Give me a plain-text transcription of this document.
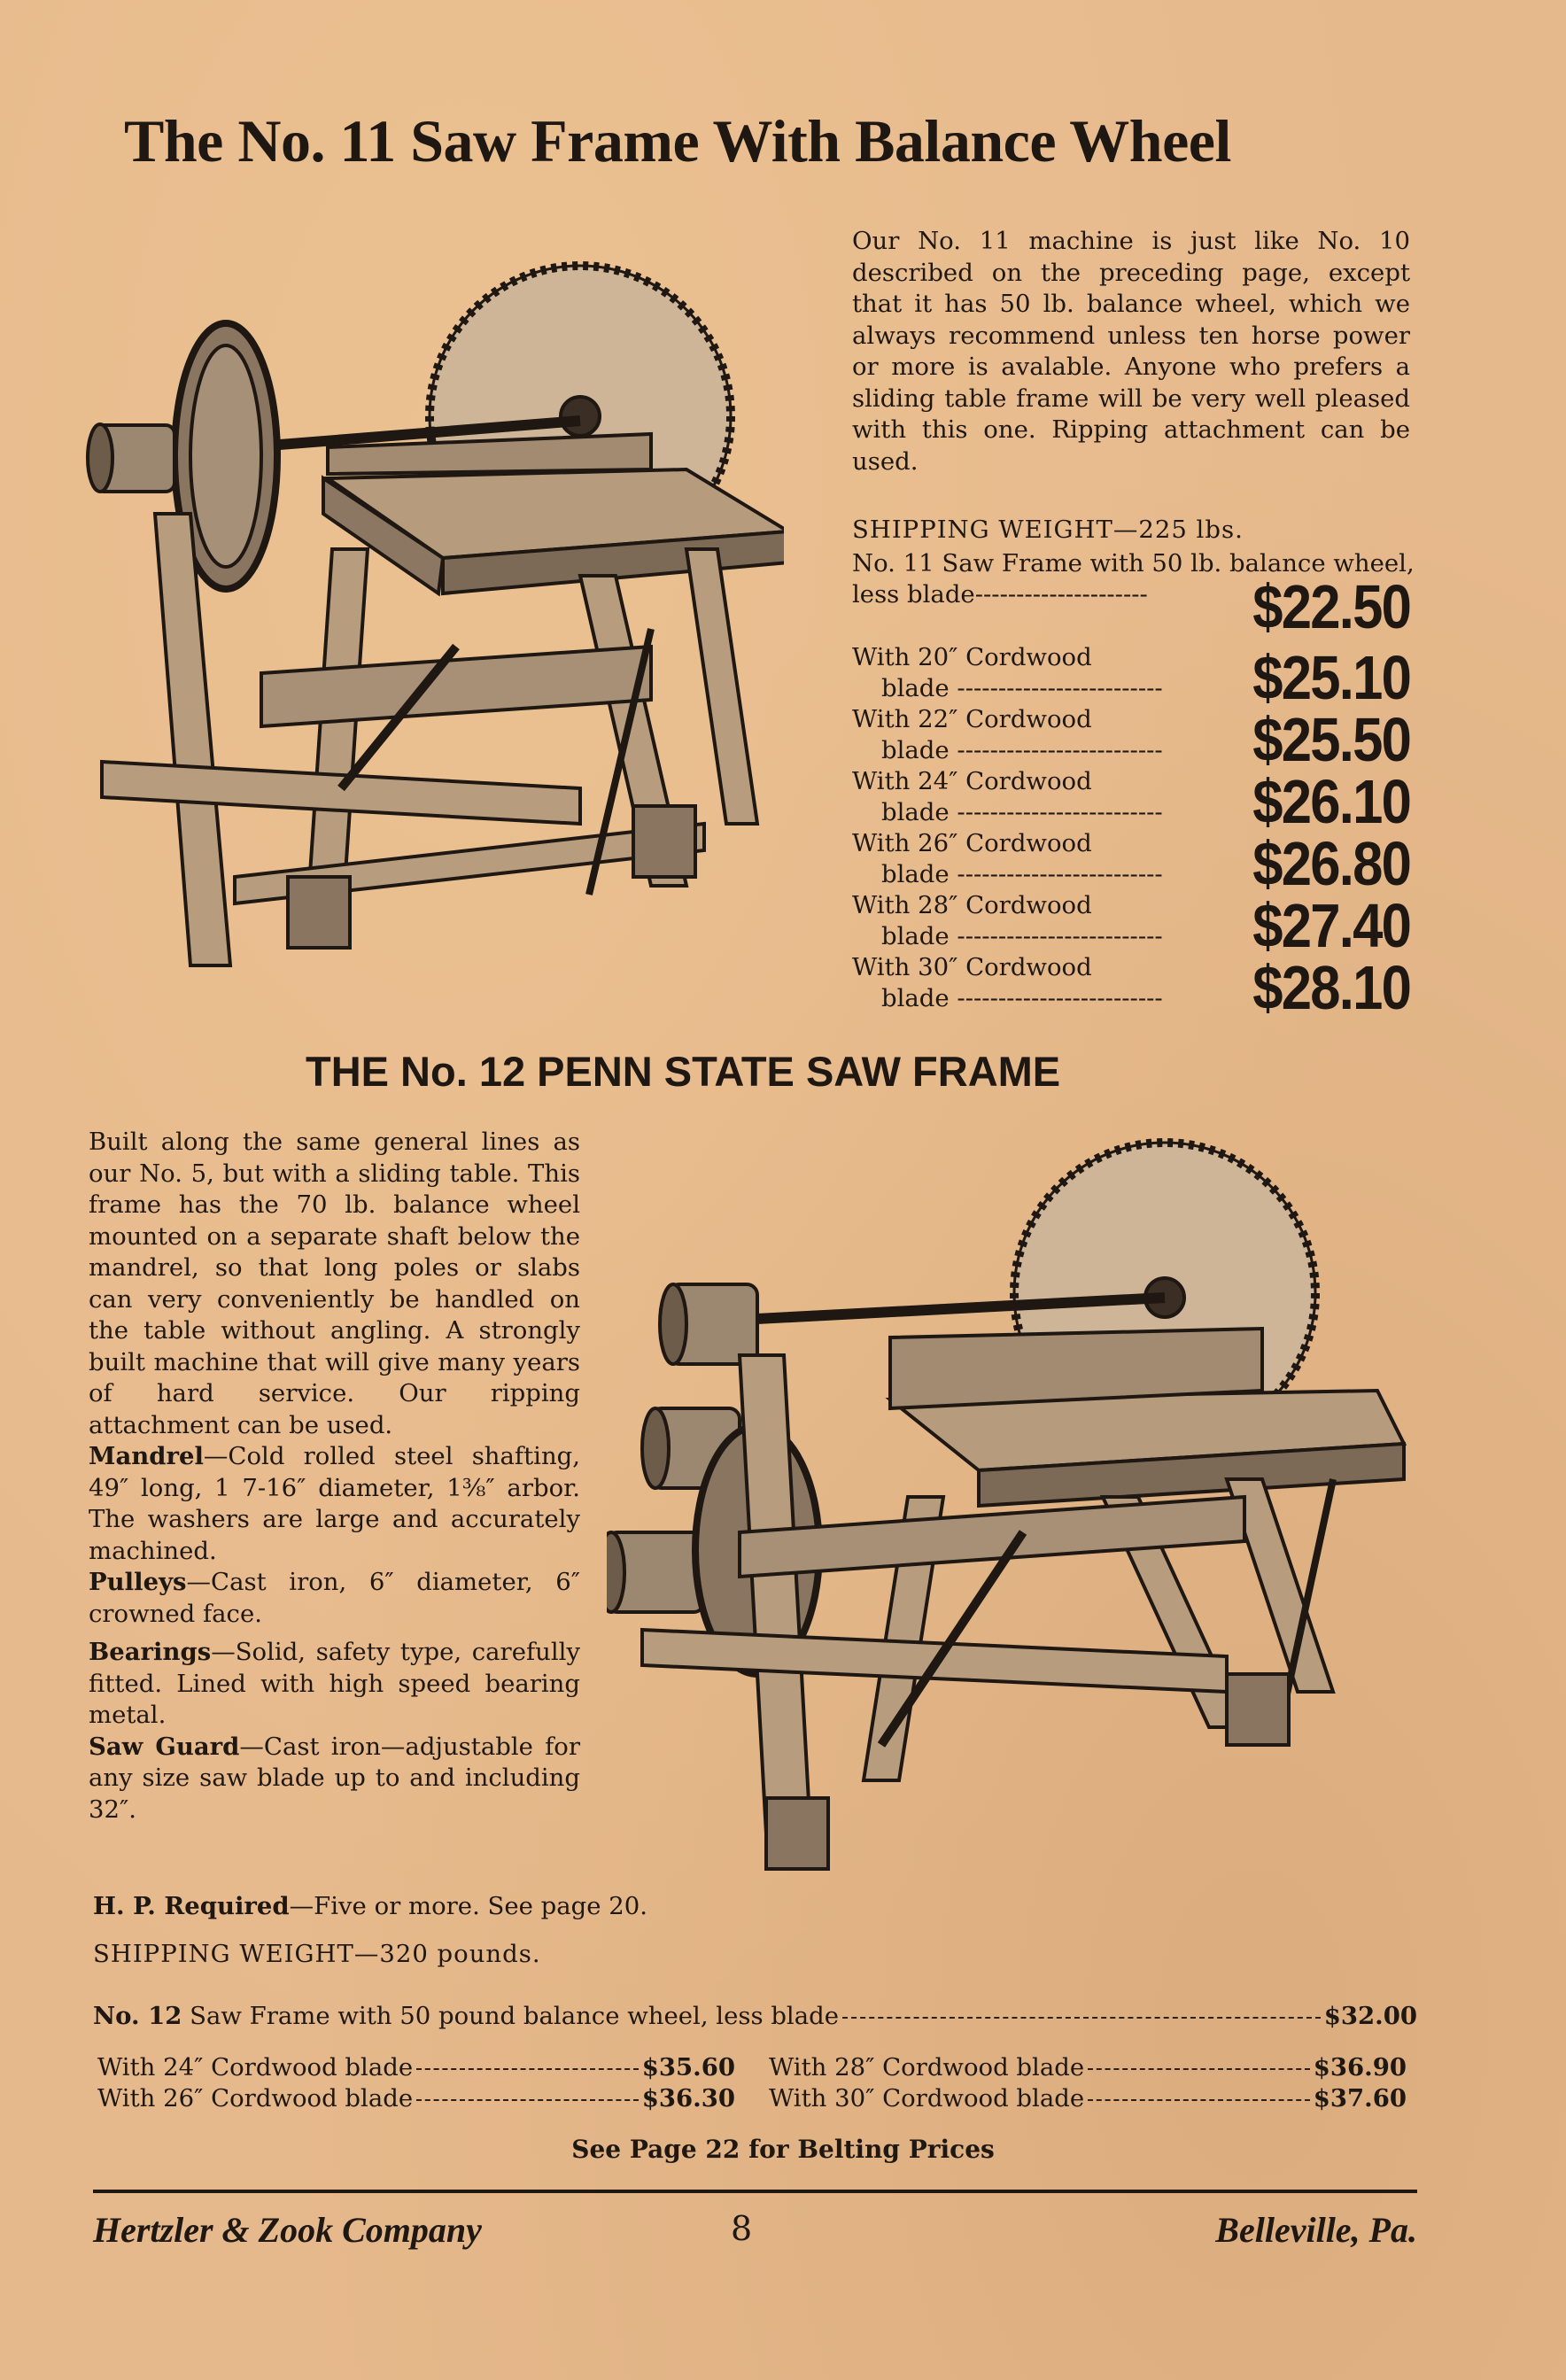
The No. 11 Saw Frame With Balance Wheel
Our No. 11 machine is just like No. 10 described on the preceding page, except that it has 50 lb. balance wheel, which we always recommend unless ten horse power or more is avalable. Anyone who prefers a sliding table frame will be very well pleased with this one. Ripping attachment can be used.
SHIPPING WEIGHT—225 lbs.
No. 11 Saw Frame with 50 lb. balance wheel,
less blade---------------------	$22.50
With 20″ Cordwood
blade -------------------------	$25.10
With 22″ Cordwood
blade -------------------------	$25.50
With 24″ Cordwood
blade -------------------------	$26.10
With 26″ Cordwood
blade -------------------------	$26.80
With 28″ Cordwood
blade -------------------------	$27.40
With 30″ Cordwood
blade -------------------------	$28.10
THE No. 12 PENN STATE SAW FRAME

Built along the same general lines as our No. 5, but with a sliding table. This frame has the 70 lb. balance wheel mounted on a separate shaft below the mandrel, so that long poles or slabs can very conveniently be handled on the table without angling. A strongly built machine that will give many years of hard service. Our ripping attachment can be used.

Mandrel—Cold rolled steel shafting, 49″ long, 1 7-16″ diameter, 1⅜″ arbor. The washers are large and accurately machined.

Pulleys—Cast iron, 6″ diameter, 6″ crowned face.

Bearings—Solid, safety type, carefully fitted. Lined with high speed bearing metal.

Saw Guard—Cast iron—adjustable for any size saw blade up to and including 32″.

H. P. Required—Five or more. See page 20.
SHIPPING WEIGHT—320 pounds.
No. 12
Saw Frame with 50 pound balance wheel, less blade	$32.00
With 24″ Cordwood blade	$35.60
With 26″ Cordwood blade	$36.30
With 28″ Cordwood blade	$36.90
With 30″ Cordwood blade	$37.60
See Page 22 for Belting Prices
Hertzler & Zook Company	8	Belleville, Pa.
